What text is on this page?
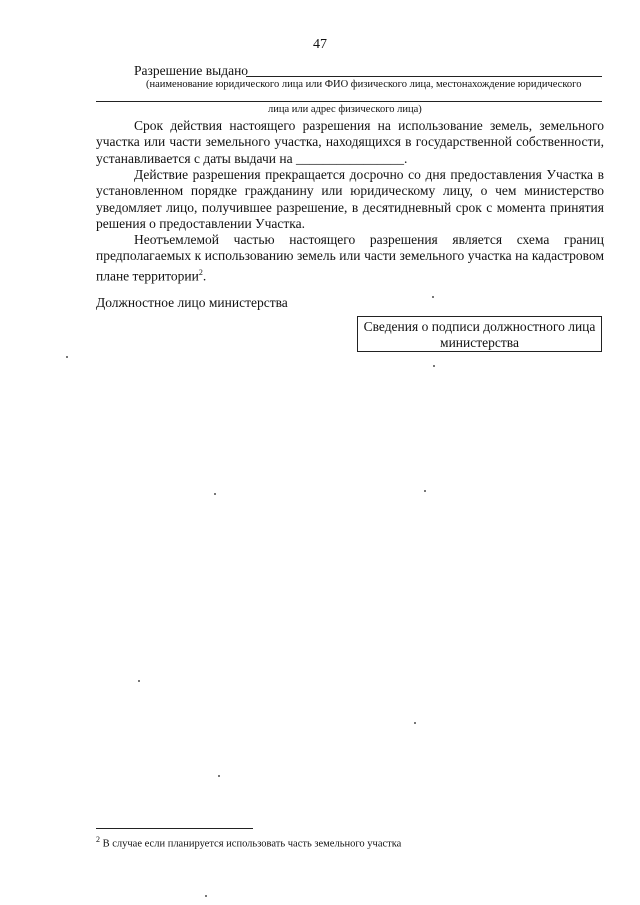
47
Разрешение выдано
(наименование юридического лица или ФИО физического лица, местонахождение юридического
лица или адрес физического лица)
Срок действия настоящего разрешения на использование земель, земельного участка или части земельного участка, находящихся в государственной собственности, устанавливается с даты выдачи на ________________.
Действие разрешения прекращается досрочно со дня предоставления Участка в установленном порядке гражданину или юридическому лицу, о чем министерство уведомляет лицо, получившее разрешение, в десятидневный срок с момента принятия решения о предоставлении Участка.
Неотъемлемой частью настоящего разрешения является схема границ предполагаемых к использованию земель или части земельного участка на кадастровом плане территории$^2$.
Должностное лицо министерства
Сведения о подписи должностного лица министерства
$^2$ В случае если планируется использовать часть земельного участка
